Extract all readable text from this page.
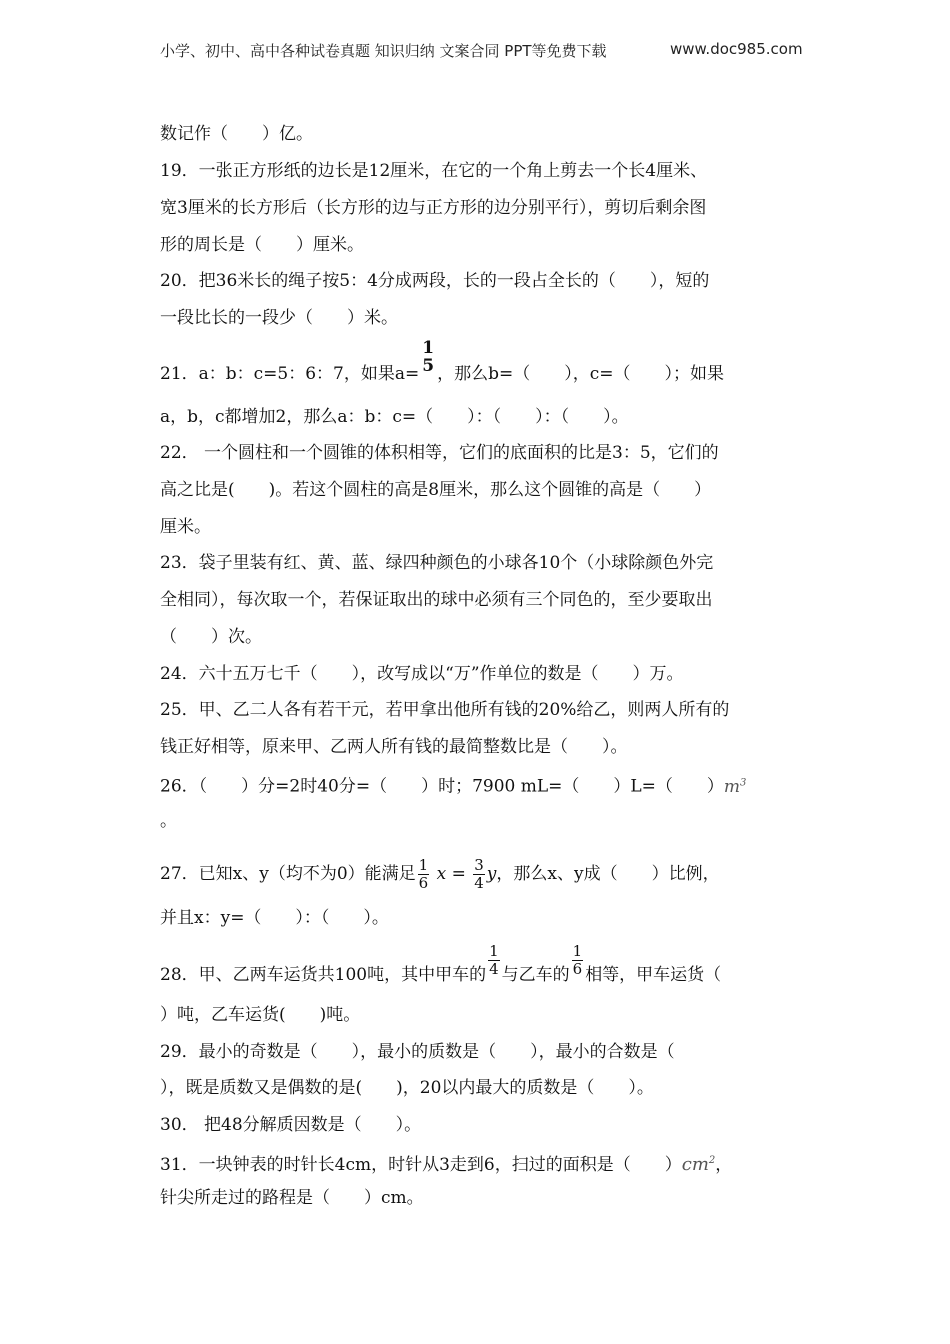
小学、初中、高中各种试卷真题 知识归纳 文案合同 PPT等免费下载	www.doc985.com
数记作（　　）亿。
19．一张正方形纸的边长是12厘米，在它的一个角上剪去一个长4厘米、
宽3厘米的长方形后（长方形的边与正方形的边分别平行），剪切后剩余图
形的周长是（　　）厘米。
20．把36米长的绳子按5：4分成两段，长的一段占全长的（　　），短的
一段比长的一段少（　　）米。
21．a：b：c=5：6：7，如果a=
1
5 ，那么b=（　　），c=（　　）；如果
a，b，c都增加2，那么a：b：c=（　　）：（　　）：（　　）。
22． 一个圆柱和一个圆锥的体积相等，它们的底面积的比是3：5，它们的
高之比是(　　)。若这个圆柱的高是8厘米，那么这个圆锥的高是（　　）
厘米。
23．袋子里装有红、黄、蓝、绿四种颜色的小球各10个（小球除颜色外完
全相同），每次取一个，若保证取出的球中必须有三个同色的，至少要取出
（　　）次。
24．六十五万七千（　　），改写成以“万”作单位的数是（　　）万。
25．甲、乙二人各有若干元，若甲拿出他所有钱的20%给乙，则两人所有的
钱正好相等，原来甲、乙两人所有钱的最简整数比是（　　）。
26．（　　）分=2时40分=（　　）时；7900 mL=（　　）L=（　　）$m^3$
。
27．已知x、y（均不为0）能满足 $\frac{1}{6}$ $x = \frac{3}{4}$ y，那么x、y成（　　）比例，
并且x：y=（　　）：（　　）。
28．甲、乙两车运货共100吨，其中甲车的 $\frac{1}{4}$ 与乙车的 $\frac{1}{6}$ 相等，甲车运货（
）吨，乙车运货(　　)吨。
29．最小的奇数是（　　），最小的质数是（　　），最小的合数是（
），既是质数又是偶数的是(　　)，20以内最大的质数是（　　）。
30． 把48分解质因数是（　　）。
31．一块钟表的时针长4cm，时针从3走到6，扫过的面积是（　　）$cm^2$，
针尖所走过的路程是（　　）cm。
